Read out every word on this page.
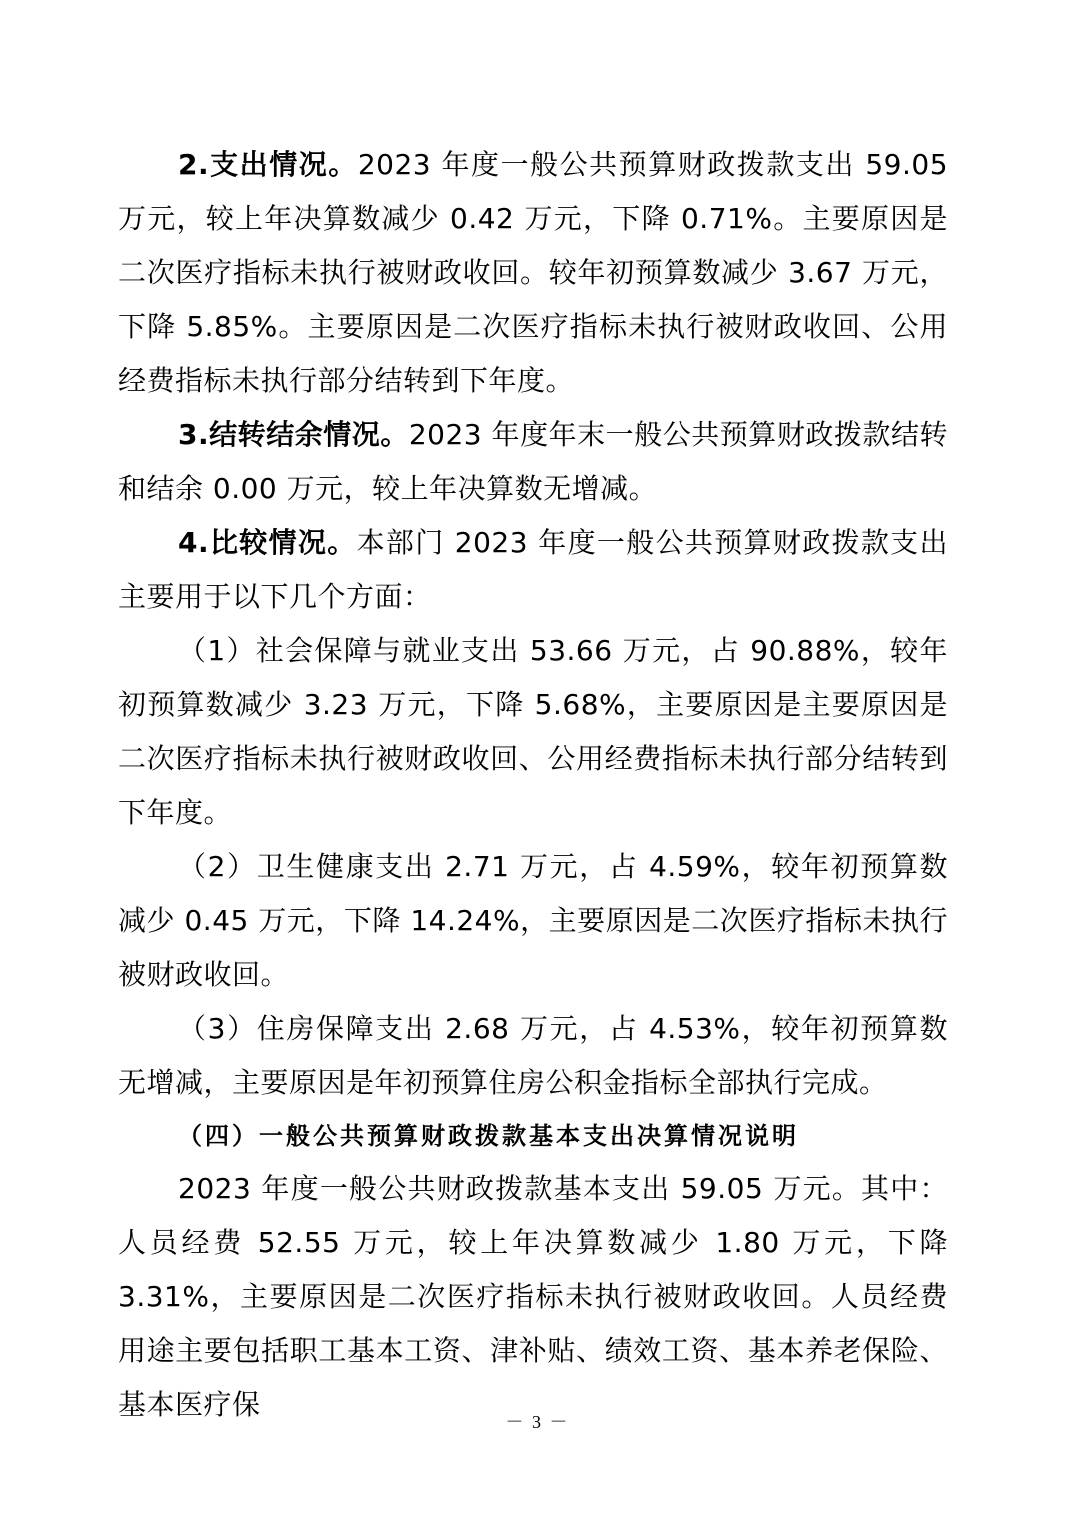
2.支出情况。2023 年度一般公共预算财政拨款支出 59.05 万元，较上年决算数减少 0.42 万元，下降 0.71%。主要原因是二次医疗指标未执行被财政收回。较年初预算数减少 3.67 万元，下降 5.85%。主要原因是二次医疗指标未执行被财政收回、公用经费指标未执行部分结转到下年度。

3.结转结余情况。2023 年度年末一般公共预算财政拨款结转和结余 0.00 万元，较上年决算数无增减。

4.比较情况。本部门 2023 年度一般公共预算财政拨款支出主要用于以下几个方面：

（1）社会保障与就业支出 53.66 万元，占 90.88%，较年初预算数减少 3.23 万元，下降 5.68%，主要原因是主要原因是二次医疗指标未执行被财政收回、公用经费指标未执行部分结转到下年度。

（2）卫生健康支出 2.71 万元，占 4.59%，较年初预算数减少 0.45 万元，下降 14.24%，主要原因是二次医疗指标未执行被财政收回。

（3）住房保障支出 2.68 万元，占 4.53%，较年初预算数无增减，主要原因是年初预算住房公积金指标全部执行完成。

（四）一般公共预算财政拨款基本支出决算情况说明

2023 年度一般公共财政拨款基本支出 59.05 万元。其中：人员经费 52.55 万元，较上年决算数减少 1.80 万元，下降 3.31%，主要原因是二次医疗指标未执行被财政收回。人员经费用途主要包括职工基本工资、津补贴、绩效工资、基本养老保险、基本医疗保

－ 3 －
